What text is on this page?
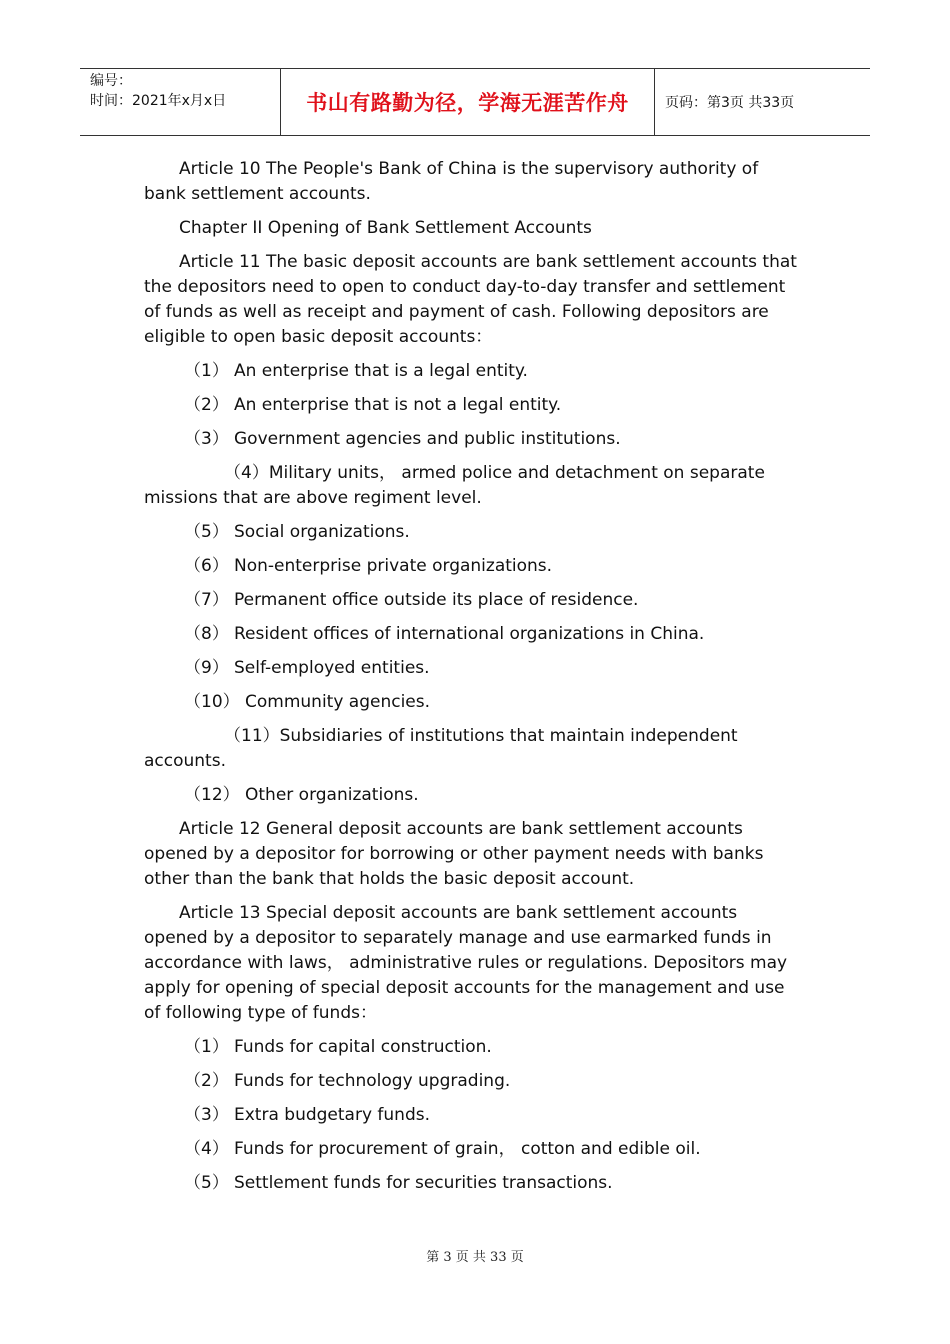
编号：
时间：2021年x月x日	书山有路勤为径，学海无涯苦作舟	页码：第3页 共33页

Article 10 The People's Bank of China is the supervisory authority of bank settlement accounts.

Chapter II Opening of Bank Settlement Accounts

Article 11 The basic deposit accounts are bank settlement accounts that the depositors need to open to conduct day-to-day transfer and settlement of funds as well as receipt and payment of cash. Following depositors are eligible to open basic deposit accounts：

（1） An enterprise that is a legal entity.

（2） An enterprise that is not a legal entity.

（3） Government agencies and public institutions.

（4）Military units， armed police and detachment on separate missions that are above regiment level.

（5） Social organizations.

（6） Non-enterprise private organizations.

（7） Permanent office outside its place of residence.

（8） Resident offices of international organizations in China.

（9） Self-employed entities.

（10） Community agencies.

（11）Subsidiaries of institutions that maintain independent accounts.

（12） Other organizations.

Article 12 General deposit accounts are bank settlement accounts opened by a depositor for borrowing or other payment needs with banks other than the bank that holds the basic deposit account.

Article 13 Special deposit accounts are bank settlement accounts opened by a depositor to separately manage and use earmarked funds in accordance with laws， administrative rules or regulations. Depositors may apply for opening of special deposit accounts for the management and use of following type of funds：

（1） Funds for capital construction.

（2） Funds for technology upgrading.

（3） Extra budgetary funds.

（4） Funds for procurement of grain， cotton and edible oil.

（5） Settlement funds for securities transactions.

第 3 页 共 33 页
